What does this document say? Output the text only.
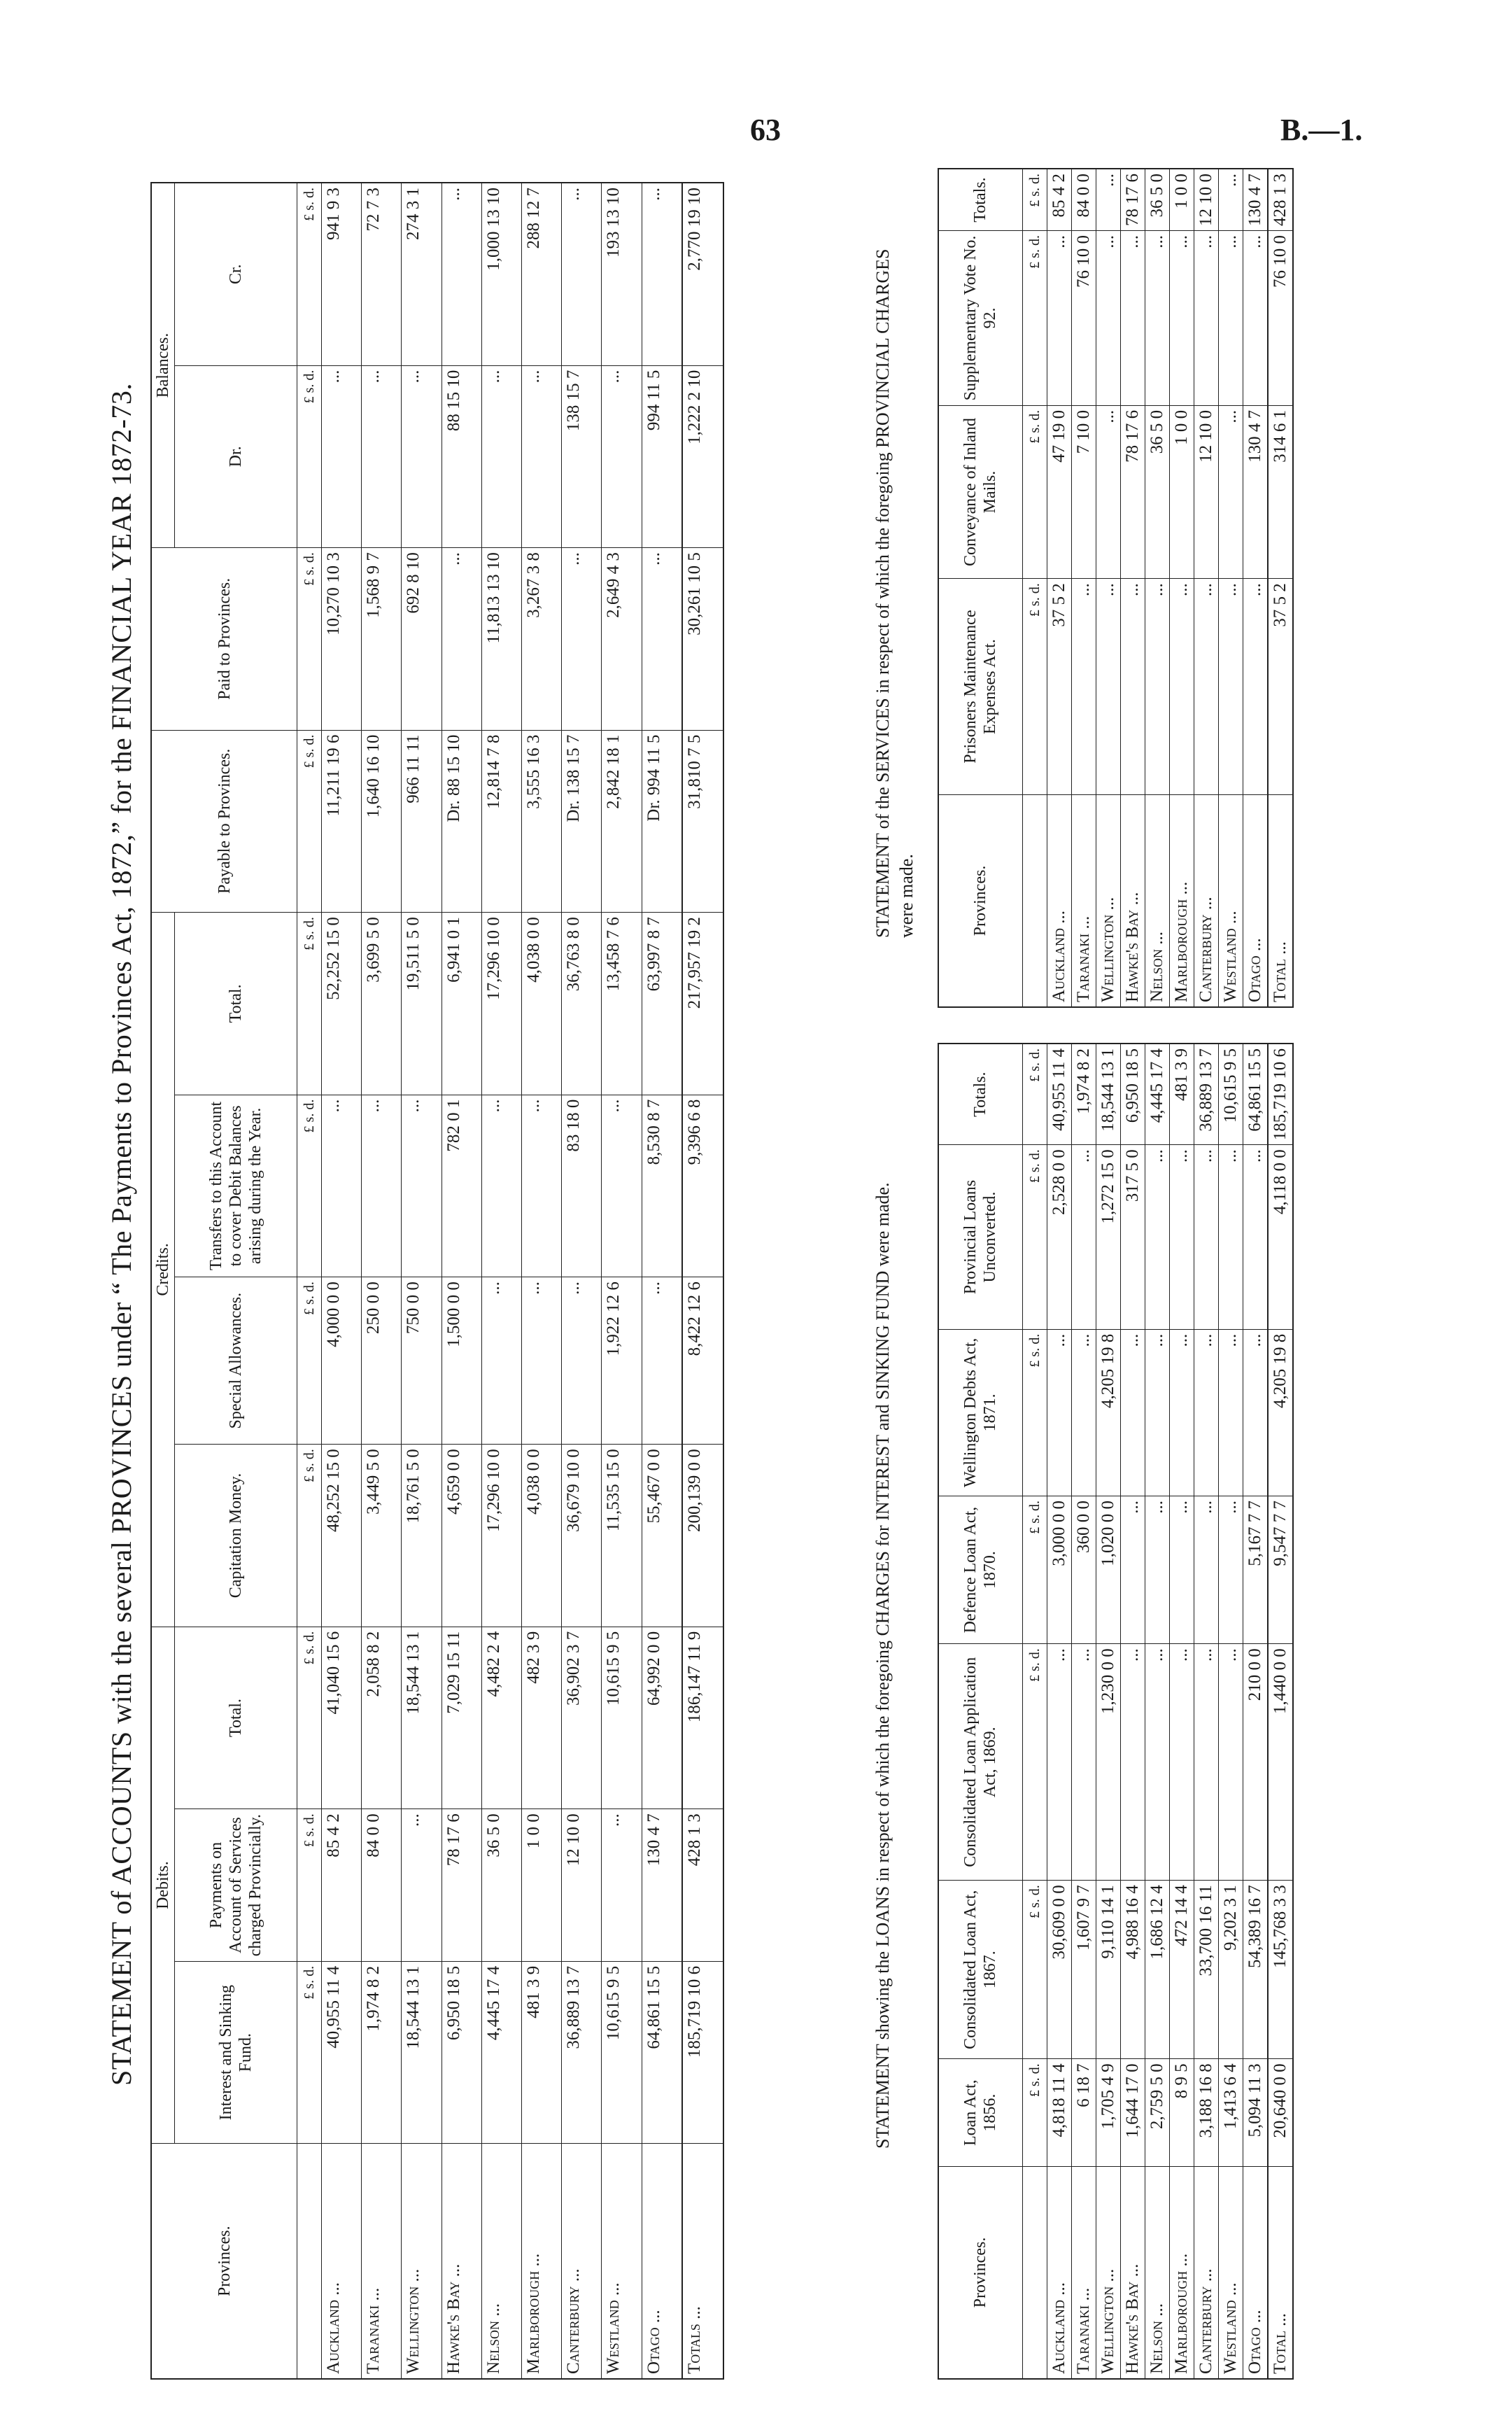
63	B.—1.
STATEMENT of ACCOUNTS with the several PROVINCES under “ The Payments to Provinces Act, 1872,” for the FINANCIAL YEAR 1872-73.
Provinces.	Debits.			Credits.				Payable to Provinces.	Paid to Provinces.	Balances.	
	Interest and Sinking Fund.	Payments on Account of Services charged Provincially.	Total.	Capitation Money.	Special Allowances.	Transfers to this Account to cover Debit Balances arising during the Year.	Total.			Dr.	Cr.
	£ s. d.	£ s. d.	£ s. d.	£ s. d.	£ s. d.	£ s. d.	£ s. d.	£ s. d.	£ s. d.	£ s. d.	£ s. d.
Auckland ...	40,955 11 4	85 4 2	41,040 15 6	48,252 15 0	4,000 0 0	...	52,252 15 0	11,211 19 6	10,270 10 3	...	941 9 3
Taranaki ...	1,974 8 2	84 0 0	2,058 8 2	3,449 5 0	250 0 0	...	3,699 5 0	1,640 16 10	1,568 9 7	...	72 7 3
Wellington ...	18,544 13 1	...	18,544 13 1	18,761 5 0	750 0 0	...	19,511 5 0	966 11 11	692 8 10	...	274 3 1
Hawke's Bay ...	6,950 18 5	78 17 6	7,029 15 11	4,659 0 0	1,500 0 0	782 0 1	6,941 0 1	Dr. 88 15 10	...	88 15 10	...
Nelson ...	4,445 17 4	36 5 0	4,482 2 4	17,296 10 0	...	...	17,296 10 0	12,814 7 8	11,813 13 10	...	1,000 13 10
Marlborough ...	481 3 9	1 0 0	482 3 9	4,038 0 0	...	...	4,038 0 0	3,555 16 3	3,267 3 8	...	288 12 7
Canterbury ...	36,889 13 7	12 10 0	36,902 3 7	36,679 10 0	...	83 18 0	36,763 8 0	Dr. 138 15 7	...	138 15 7	...
Westland ...	10,615 9 5	...	10,615 9 5	11,535 15 0	1,922 12 6	...	13,458 7 6	2,842 18 1	2,649 4 3	...	193 13 10
Otago ...	64,861 15 5	130 4 7	64,992 0 0	55,467 0 0	...	8,530 8 7	63,997 8 7	Dr. 994 11 5	...	994 11 5	...
Totals ...	185,719 10 6	428 1 3	186,147 11 9	200,139 0 0	8,422 12 6	9,396 6 8	217,957 19 2	31,810 7 5	30,261 10 5	1,222 2 10	2,770 19 10
STATEMENT showing the LOANS in respect of which the foregoing CHARGES for INTEREST and SINKING FUND were made.
Provinces.	Loan Act, 1856.	Consolidated Loan Act, 1867.	Consolidated Loan Application Act, 1869.	Defence Loan Act, 1870.	Wellington Debts Act, 1871.	Provincial Loans Unconverted.	Totals.
	£ s. d.	£ s. d.	£ s. d.	£ s. d.	£ s. d.	£ s. d.	£ s. d.
Auckland ...	4,818 11 4	30,609 0 0	...	3,000 0 0	...	2,528 0 0	40,955 11 4
Taranaki ...	6 18 7	1,607 9 7	...	360 0 0	...	...	1,974 8 2
Wellington ...	1,705 4 9	9,110 14 1	1,230 0 0	1,020 0 0	4,205 19 8	1,272 15 0	18,544 13 1
Hawke's Bay ...	1,644 17 0	4,988 16 4	...	...	...	317 5 0	6,950 18 5
Nelson ...	2,759 5 0	1,686 12 4	...	...	...	...	4,445 17 4
Marlborough ...	8 9 5	472 14 4	...	...	...	...	481 3 9
Canterbury ...	3,188 16 8	33,700 16 11	...	...	...	...	36,889 13 7
Westland ...	1,413 6 4	9,202 3 1	...	...	...	...	10,615 9 5
Otago ...	5,094 11 3	54,389 16 7	210 0 0	5,167 7 7	...	...	64,861 15 5
Total ...	20,640 0 0	145,768 3 3	1,440 0 0	9,547 7 7	4,205 19 8	4,118 0 0	185,719 10 6
STATEMENT of the SERVICES in respect of which the foregoing PROVINCIAL CHARGES were made.	Provinces.	Prisoners Maintenance Expenses Act.	Conveyance of Inland Mails.	Supplementary Vote No. 92.	Totals.
	£ s. d.	£ s. d.	£ s. d.	£ s. d.
Auckland ...	37 5 2	47 19 0	...	85 4 2
Taranaki ...	...	7 10 0	76 10 0	84 0 0
Wellington ...	...	...	...	...
Hawke's Bay ...	...	78 17 6	...	78 17 6
Nelson ...	...	36 5 0	...	36 5 0
Marlborough ...	...	1 0 0	...	1 0 0
Canterbury ...	...	12 10 0	...	12 10 0
Westland ...	...	...	...	...
Otago ...	...	130 4 7	...	130 4 7
Total ...	37 5 2	314 6 1	76 10 0	428 1 3
